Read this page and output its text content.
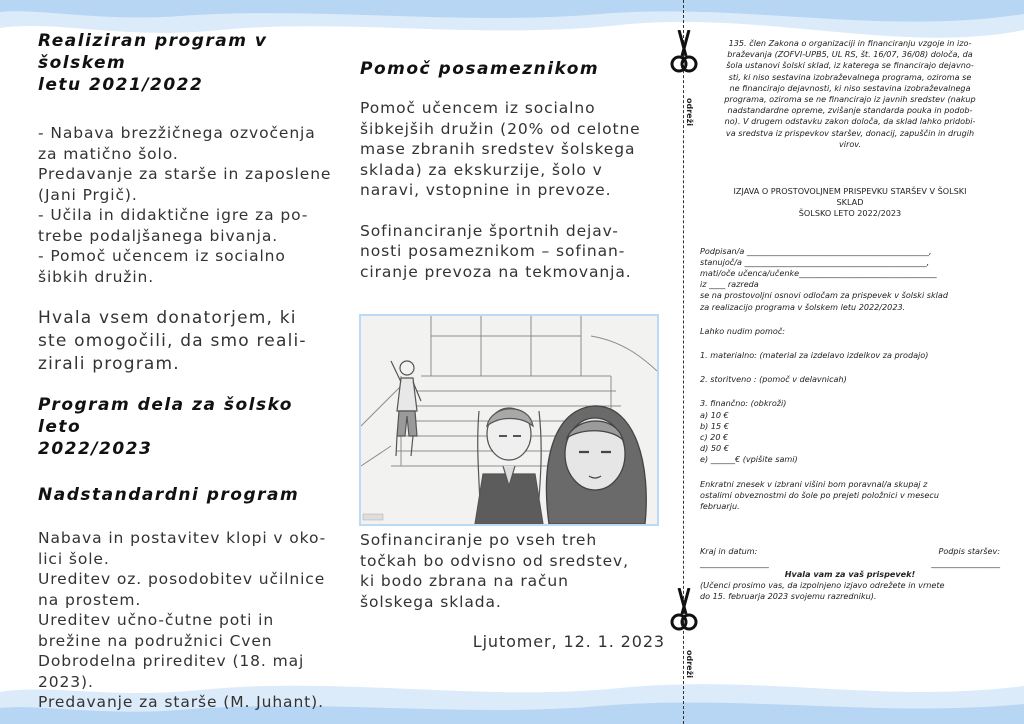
Realiziran program v šolskem
letu 2021/2022

- Nabava brezžičnega ozvočenja
za matično šolo.
Predavanje za starše in zaposlene
(Jani Prgič).
- Učila in didaktične igre za po-
trebe podaljšanega bivanja.
- Pomoč učencem iz socialno
šibkih družin.

Hvala vsem donatorjem, ki
ste omogočili, da smo reali-
zirali program.

Program dela za šolsko leto
2022/2023

Nadstandardni program

Nabava in postavitev klopi v oko-
lici šole.
Ureditev oz. posodobitev učilnice
na prostem.
Ureditev učno-čutne poti in
brežine na podružnici Cven
Dobrodelna prireditev (18. maj
2023).
Predavanje za starše (M. Juhant).

Pomoč posameznikom

Pomoč učencem iz socialno
šibkejših družin (20% od celotne
mase zbranih sredstev šolskega
sklada) za ekskurzije, šolo v
naravi, vstopnine in prevoze.

Sofinanciranje športnih dejav-
nosti posameznikom – sofinan-
ciranje prevoza na tekmovanja.

Sofinanciranje po vseh treh
točkah bo odvisno od sredstev,
ki bodo zbrana na račun
šolskega sklada.

Ljutomer, 12. 1. 2023

odreži
odreži

135. člen Zakona o organizaciji in financiranju vzgoje in izo-
braževanja (ZOFVI-UPB5, UL RS, št. 16/07, 36/08) določa, da
šola ustanovi šolski sklad, iz katerega se financirajo dejavno-
sti, ki niso sestavina izobraževalnega programa, oziroma se
ne financirajo dejavnosti, ki niso sestavina izobraževalnega
programa, oziroma se ne financirajo iz javnih sredstev (nakup
nadstandardne opreme, zvišanje standarda pouka in podob-
no). V drugem odstavku zakon določa, da sklad lahko pridobi-
va sredstva iz prispevkov staršev, donacij, zapuščin in drugih
virov.

IZJAVA O PROSTOVOLJNEM PRISPEVKU STARŠEV V ŠOLSKI
SKLAD
ŠOLSKO LETO 2022/2023

Podpisan/a _____________________________________________,
stanujoč/a _____________________________________________,
mati/oče učenca/učenke__________________________________
iz ____ razreda
se na prostovoljni osnovi odločam za prispevek v šolski sklad
za realizacijo programa v šolskem letu 2022/2023.

Lahko nudim pomoč:

1. materialno: (material za izdelavo izdelkov za prodajo)

2. storitveno : (pomoč v delavnicah)

3. finančno: (obkroži)
a) 10 €
b) 15 €
c) 20 €
d) 50 €
e) ______€ (vpišite sami)

Enkratni znesek v izbrani višini bom poravnal/a skupaj z
ostalimi obveznostmi do šole po prejeti položnici v mesecu
februarju.

Kraj in datum:	Podpis staršev:
_________________	_________________

Hvala vam za vaš prispevek!

(Učenci prosimo vas, da izpolnjeno izjavo odrežete in vrnete
do 15. februarja 2023 svojemu razredniku).
